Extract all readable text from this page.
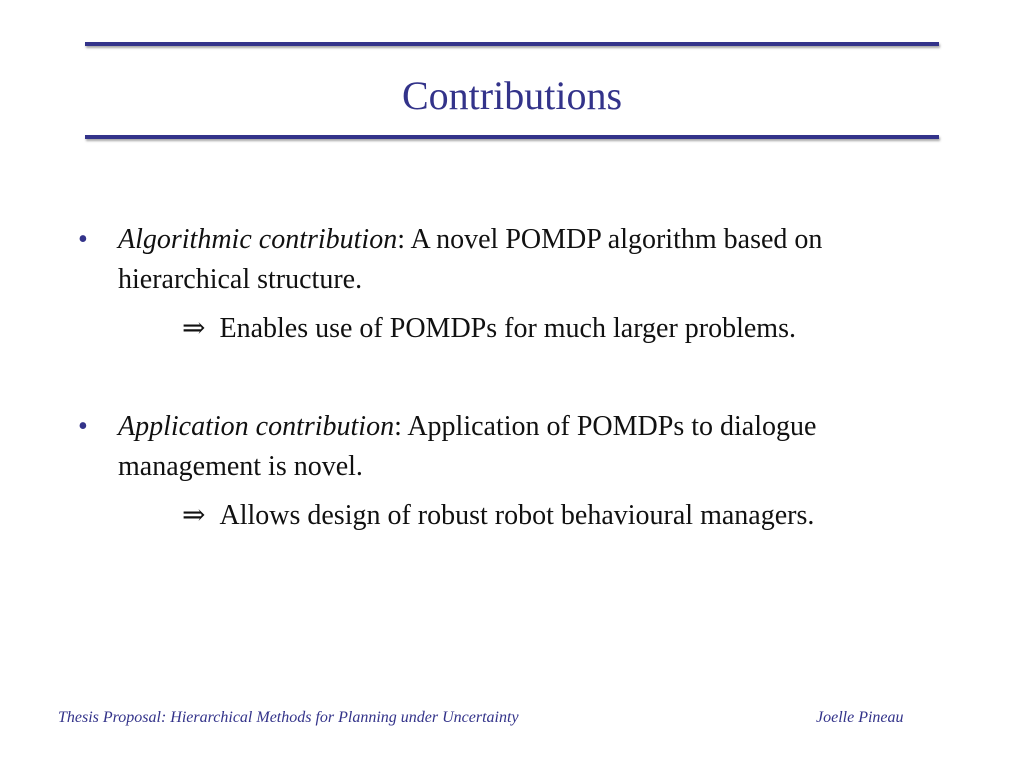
Contributions
• Algorithmic contribution: A novel POMDP algorithm based on hierarchical structure.
⇒ Enables use of POMDPs for much larger problems.
• Application contribution: Application of POMDPs to dialogue management is novel.
⇒ Allows design of robust robot behavioural managers.
Thesis Proposal: Hierarchical Methods for Planning under Uncertainty	Joelle Pineau
